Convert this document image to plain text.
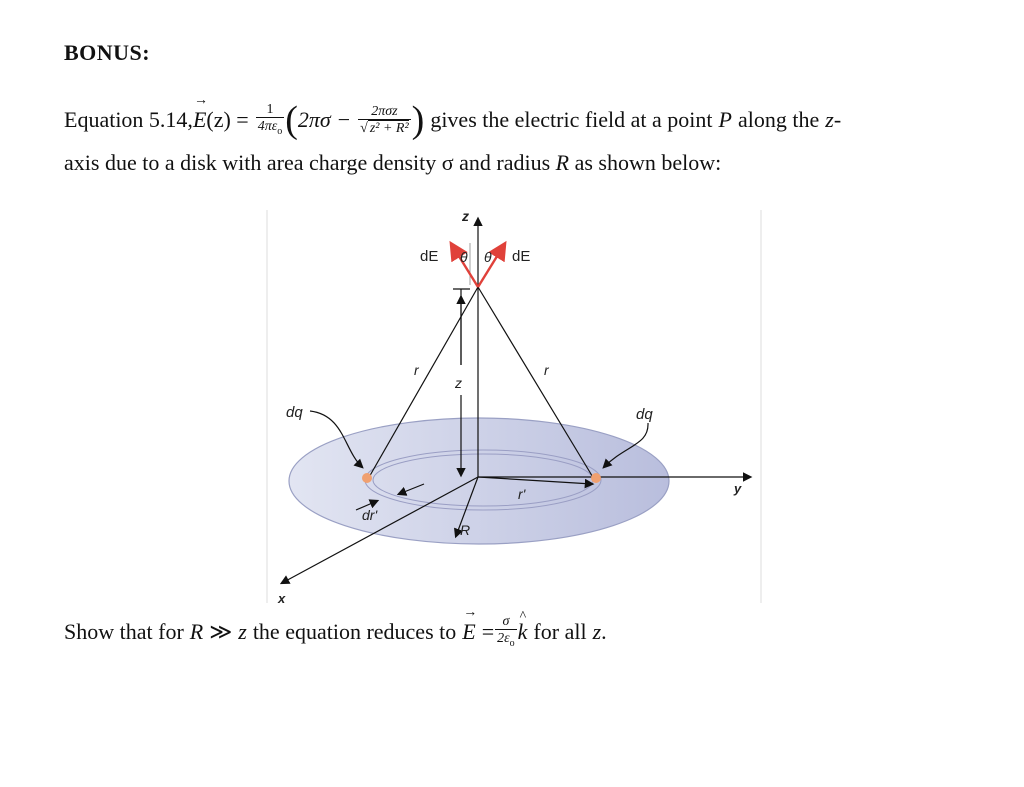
BONUS:
Equation 5.14, → E $(z) = \frac{1}{4\pi\varepsilon_o}$ ( $2\pi\sigma - \frac{\text{2πσz}}{\text{√ z² + R²}}$ ) gives the electric field at a point P along the z -
axis due to a disk with area charge density σ and radius R as shown below:
z
y
x
dE	dE
θ θ
r	r
z
dq	dq
r'
dr'
R
Show that for R ≫ z the equation reduces to → $E = \frac{\sigma}{2\varepsilon_o}$ ^ k for all z .
